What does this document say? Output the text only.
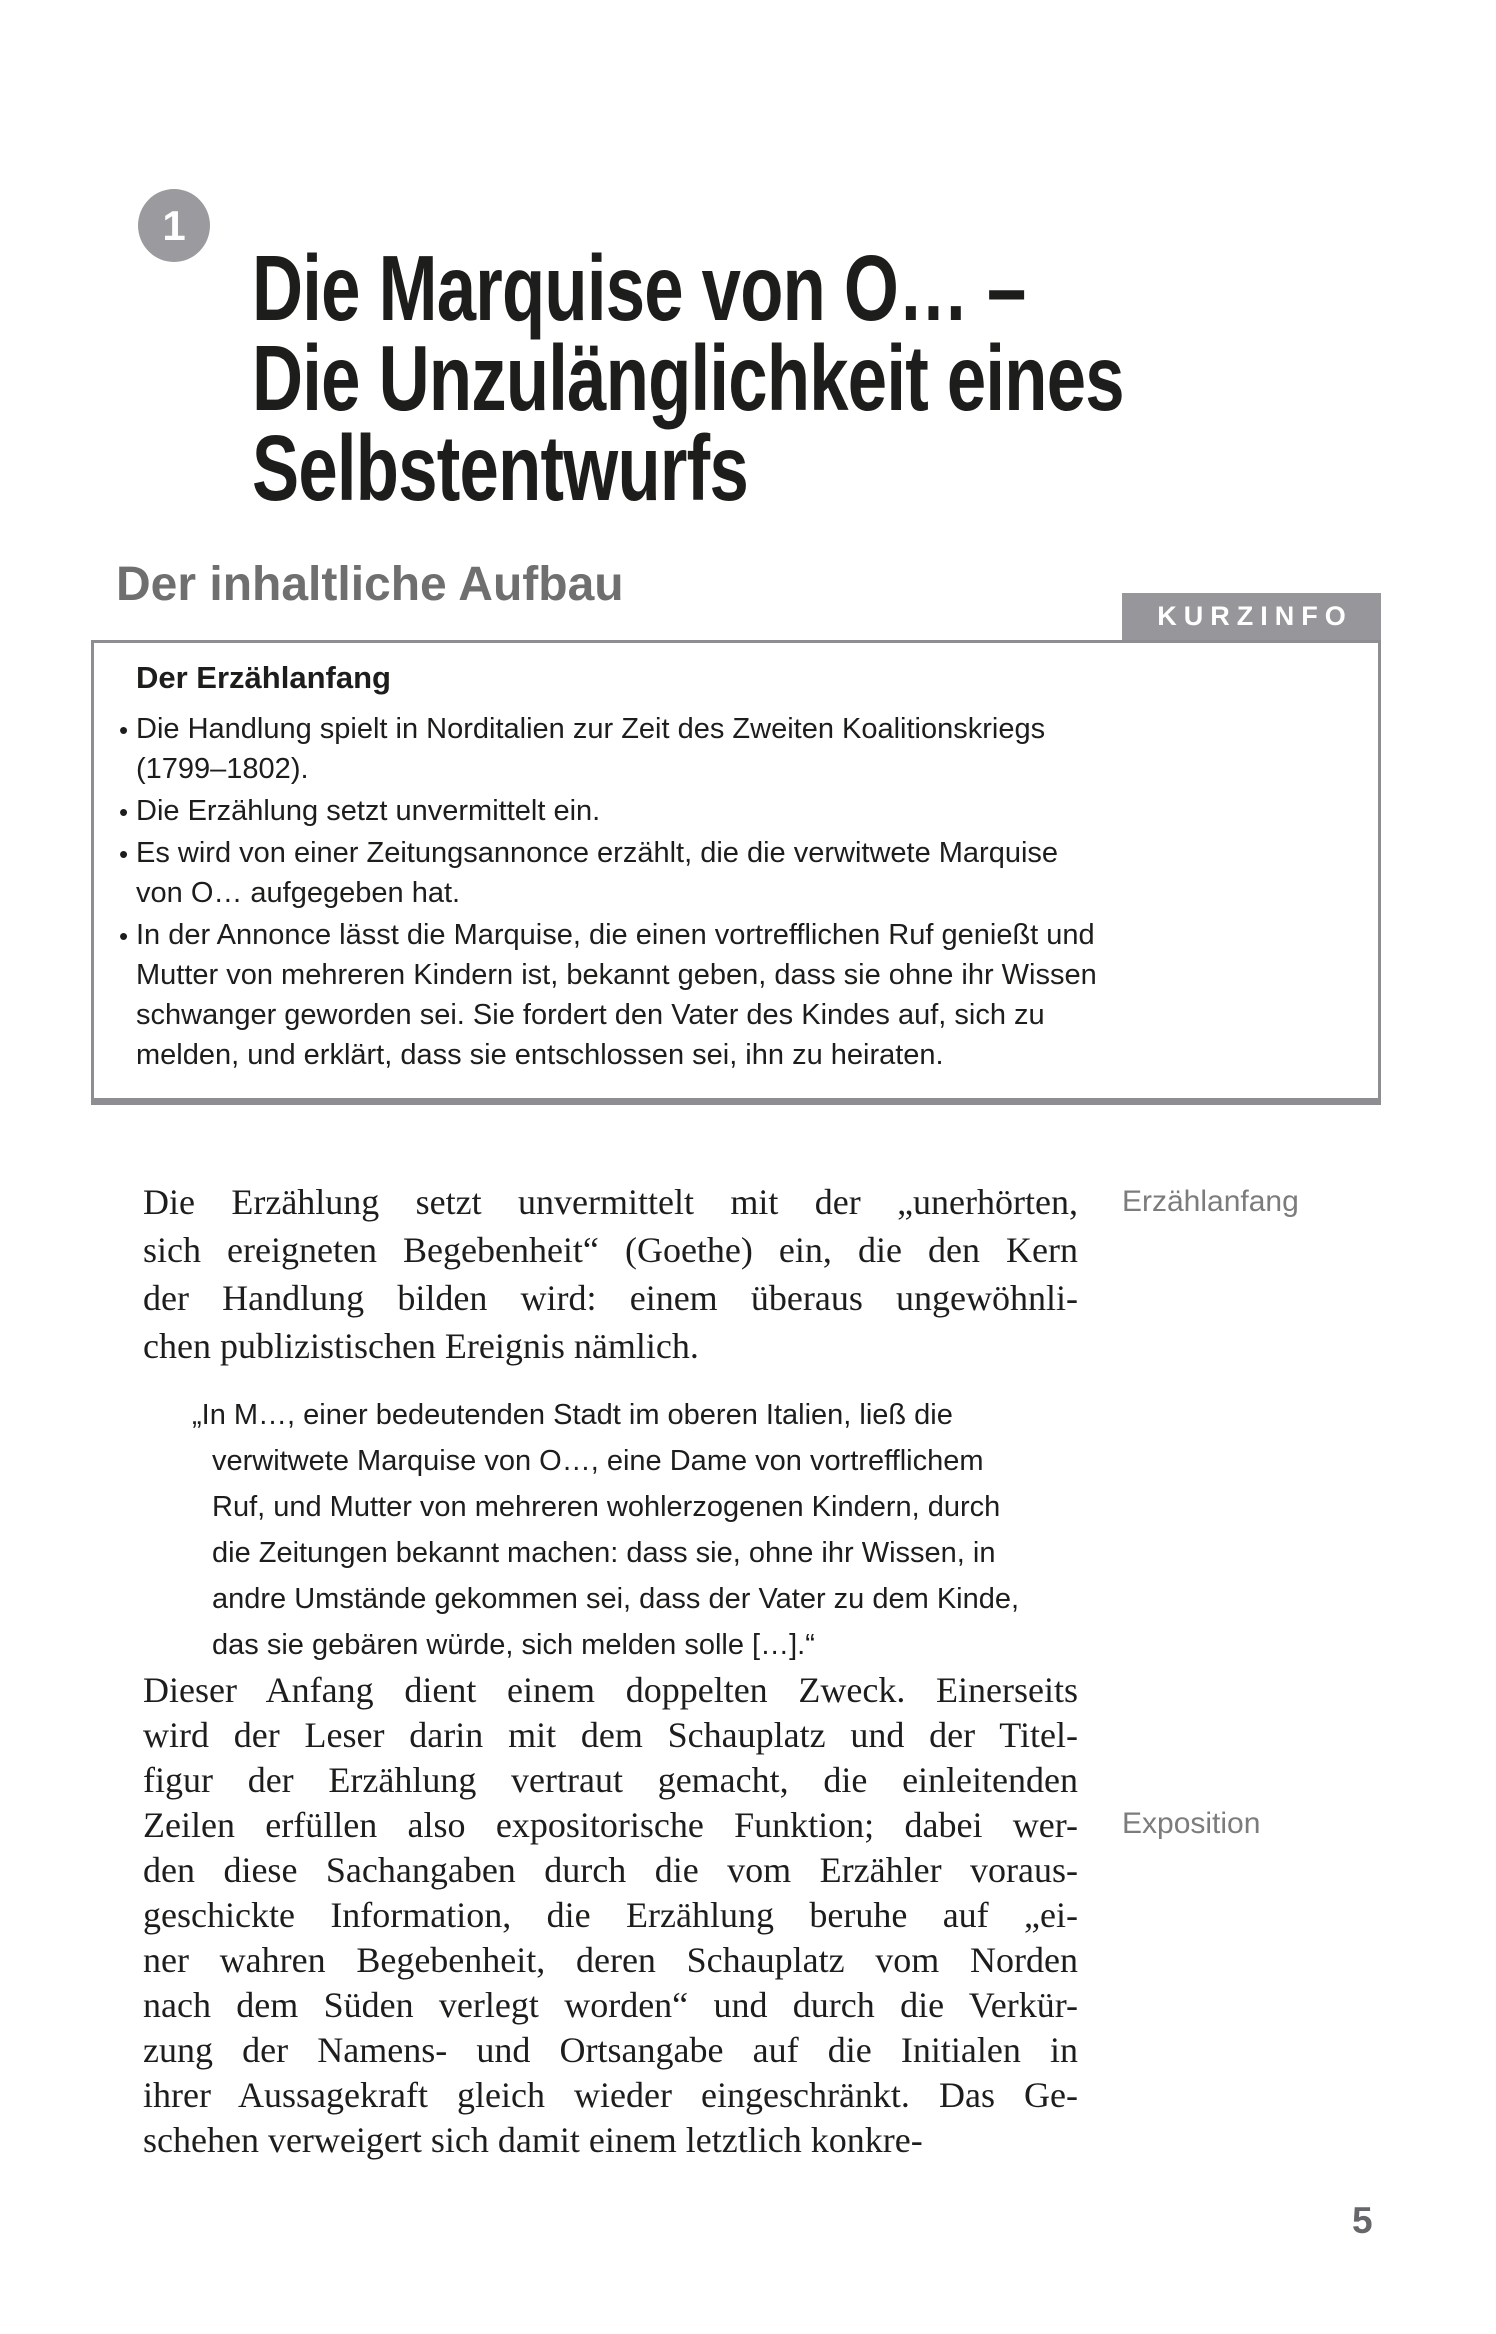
1
Die Marquise von O… –
Die Unzulänglichkeit eines
Selbstentwurfs
Der inhaltliche Aufbau
KURZINFO
Der Erzählanfang
• Die Handlung spielt in Norditalien zur Zeit des Zweiten Koalitionskriegs
(1799–1802).
• Die Erzählung setzt unvermittelt ein.
• Es wird von einer Zeitungsannonce erzählt, die die verwitwete Marquise
von O… aufgegeben hat.
• In der Annonce lässt die Marquise, die einen vortrefflichen Ruf genießt und
Mutter von mehreren Kindern ist, bekannt geben, dass sie ohne ihr Wissen
schwanger geworden sei. Sie fordert den Vater des Kindes auf, sich zu
melden, und erklärt, dass sie entschlossen sei, ihn zu heiraten.
Die Erzählung setzt unvermittelt mit der „unerhörten,
sich ereigneten Begebenheit“ (Goethe) ein, die den Kern
der Handlung bilden wird: einem überaus ungewöhnli-
chen publizistischen Ereignis nämlich.
Erzählanfang
„In M…, einer bedeutenden Stadt im oberen Italien, ließ die
verwitwete Marquise von O…, eine Dame von vortrefflichem
Ruf, und Mutter von mehreren wohlerzogenen Kindern, durch
die Zeitungen bekannt machen: dass sie, ohne ihr Wissen, in
andre Umstände gekommen sei, dass der Vater zu dem Kinde,
das sie gebären würde, sich melden solle […].“
Dieser Anfang dient einem doppelten Zweck. Einerseits
wird der Leser darin mit dem Schauplatz und der Titel-
figur der Erzählung vertraut gemacht, die einleitenden
Zeilen erfüllen also expositorische Funktion; dabei wer-
den diese Sachangaben durch die vom Erzähler voraus-
geschickte Information, die Erzählung beruhe auf „ei-
ner wahren Begebenheit, deren Schauplatz vom Norden
nach dem Süden verlegt worden“ und durch die Verkür-
zung der Namens- und Ortsangabe auf die Initialen in
ihrer Aussagekraft gleich wieder eingeschränkt. Das Ge-
schehen verweigert sich damit einem letztlich konkre-
Exposition
5
